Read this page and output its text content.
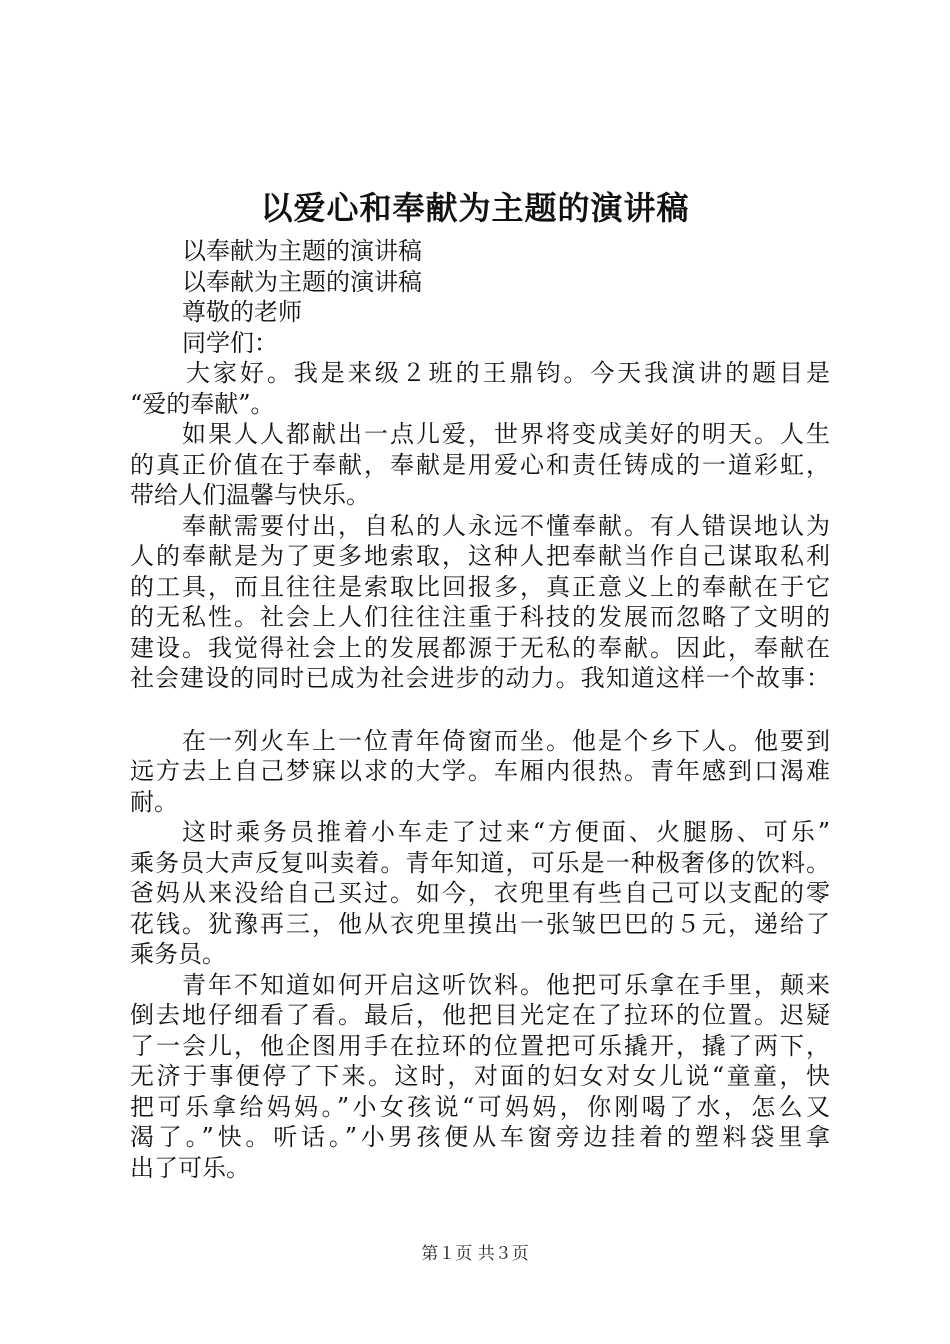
以爱心和奉献为主题的演讲稿
以奉献为主题的演讲稿
以奉献为主题的演讲稿
尊敬的老师
同学们：
大家好。我是来级２班的王鼎钧。今天我演讲的题目是
“爱的奉献”。
如果人人都献出一点儿爱，世界将变成美好的明天。人生
的真正价值在于奉献，奉献是用爱心和责任铸成的一道彩虹，
带给人们温馨与快乐。
奉献需要付出，自私的人永远不懂奉献。有人错误地认为
人的奉献是为了更多地索取，这种人把奉献当作自己谋取私利
的工具，而且往往是索取比回报多，真正意义上的奉献在于它
的无私性。社会上人们往往注重于科技的发展而忽略了文明的
建设。我觉得社会上的发展都源于无私的奉献。因此，奉献在
社会建设的同时已成为社会进步的动力。我知道这样一个故事：
在一列火车上一位青年倚窗而坐。他是个乡下人。他要到
远方去上自己梦寐以求的大学。车厢内很热。青年感到口渴难
耐。
这时乘务员推着小车走了过来“方便面、火腿肠、可乐”
乘务员大声反复叫卖着。青年知道，可乐是一种极奢侈的饮料。
爸妈从来没给自己买过。如今，衣兜里有些自己可以支配的零
花钱。犹豫再三，他从衣兜里摸出一张皱巴巴的５元，递给了
乘务员。
青年不知道如何开启这听饮料。他把可乐拿在手里，颠来
倒去地仔细看了看。最后，他把目光定在了拉环的位置。迟疑
了一会儿，他企图用手在拉环的位置把可乐撬开，撬了两下，
无济于事便停了下来。这时，对面的妇女对女儿说“童童，快
把可乐拿给妈妈。”小女孩说“可妈妈，你刚喝了水，怎么又
渴了。”快。听话。”小男孩便从车窗旁边挂着的塑料袋里拿
出了可乐。
第１页 共３页
